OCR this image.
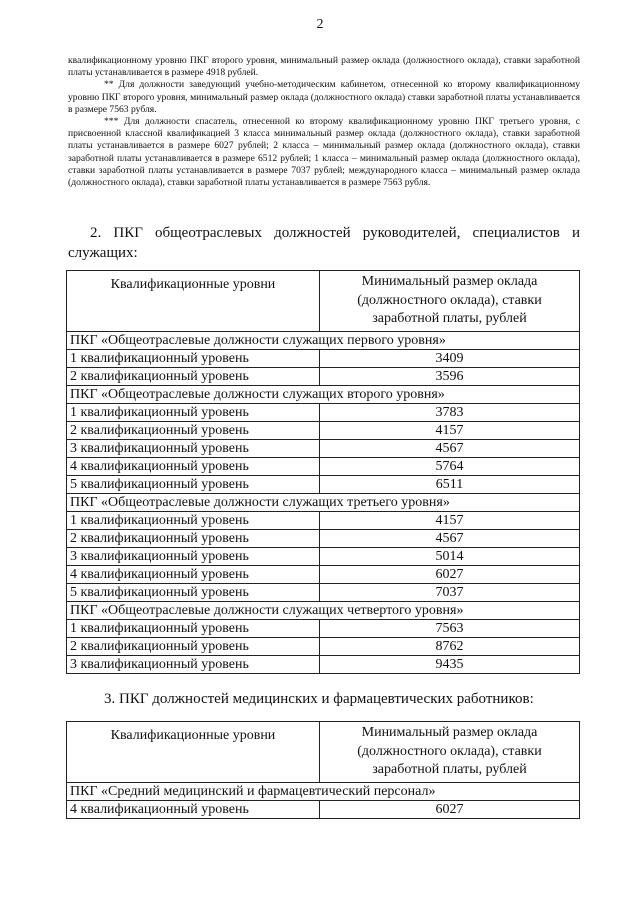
2

квалификационному уровню ПКГ второго уровня, минимальный размер оклада (должностного оклада), ставки заработной платы устанавливается в размере 4918 рублей.

** Для должности заведующий учебно-методическим кабинетом, отнесенной ко второму квалификационному уровню ПКГ второго уровня, минимальный размер оклада (должностного оклада) ставки заработной платы устанавливается в размере 7563 рубля.

*** Для должности спасатель, отнесенной ко второму квалификационному уровню ПКГ третьего уровня, с присвоенной классной квалификацией 3 класса минимальный размер оклада (должностного оклада), ставки заработной платы устанавливается в размере 6027 рублей; 2 класса – минимальный размер оклада (должностного оклада), ставки заработной платы устанавливается в размере 6512 рублей; 1 класса – минимальный размер оклада (должностного оклада), ставки заработной платы устанавливается в размере 7037 рублей; международного класса – минимальный размер оклада (должностного оклада), ставки заработной платы устанавливается в размере 7563 рубля.

2. ПКГ общеотраслевых должностей руководителей, специалистов и служащих:
Квалификационные уровни	Минимальный размер оклада (должностного оклада), ставки заработной платы, рублей
ПКГ «Общеотраслевые должности служащих первого уровня»	
1 квалификационный уровень	3409
2 квалификационный уровень	3596
ПКГ «Общеотраслевые должности служащих второго уровня»	
1 квалификационный уровень	3783
2 квалификационный уровень	4157
3 квалификационный уровень	4567
4 квалификационный уровень	5764
5 квалификационный уровень	6511
ПКГ «Общеотраслевые должности служащих третьего уровня»	
1 квалификационный уровень	4157
2 квалификационный уровень	4567
3 квалификационный уровень	5014
4 квалификационный уровень	6027
5 квалификационный уровень	7037
ПКГ «Общеотраслевые должности служащих четвертого уровня»	
1 квалификационный уровень	7563
2 квалификационный уровень	8762
3 квалификационный уровень	9435
3. ПКГ должностей медицинских и фармацевтических работников:
Квалификационные уровни	Минимальный размер оклада (должностного оклада), ставки заработной платы, рублей
ПКГ «Средний медицинский и фармацевтический персонал»	
4 квалификационный уровень	6027
